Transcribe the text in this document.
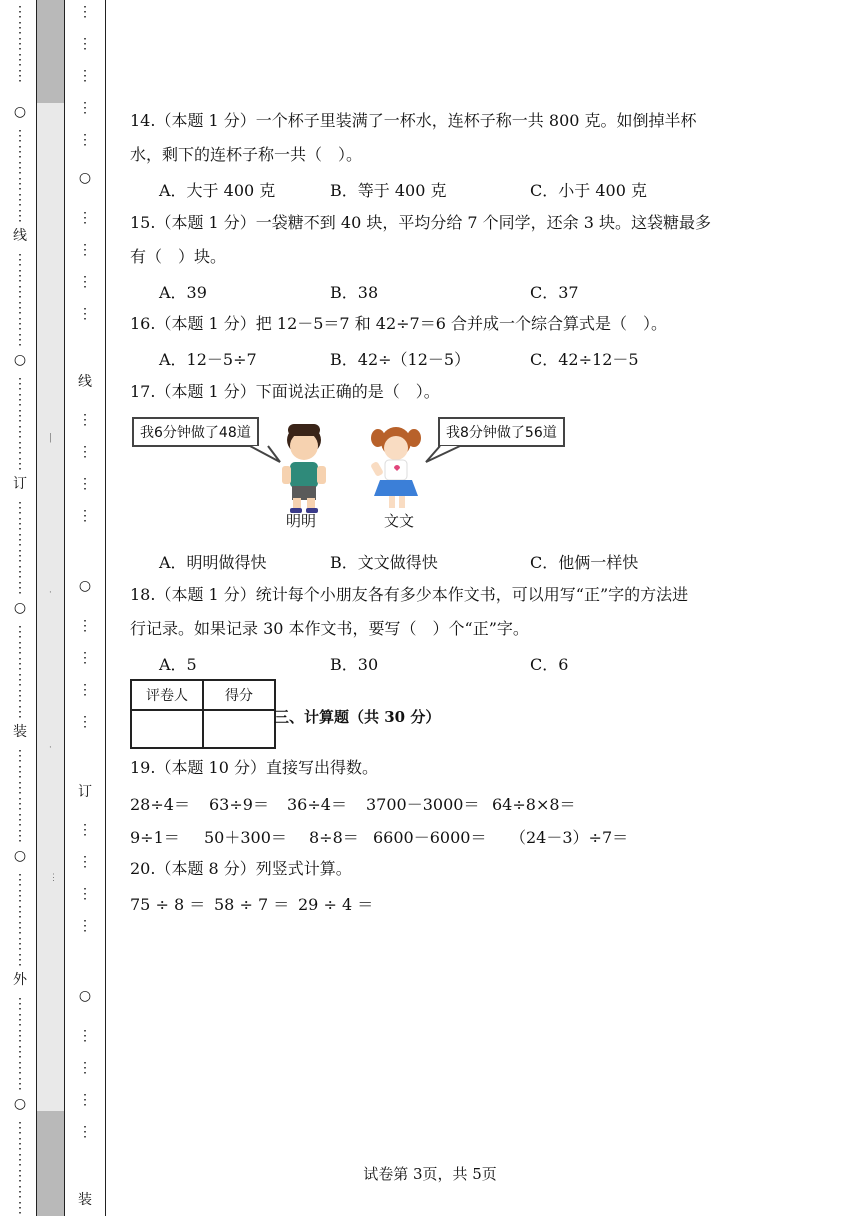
⋮
⋮
⋮
⋮
⋮
○
⋮
⋮
⋮
⋮
⋮
⋮
线
⋮
⋮
⋮
⋮
⋮
⋮
○
⋮
⋮
⋮
⋮
⋮
⋮
订
⋮
⋮
⋮
⋮
⋮
⋮
○
⋮
⋮
⋮
⋮
⋮
⋮
装
⋮
⋮
⋮
⋮
⋮
⋮
○
⋮
⋮
⋮
⋮
⋮
⋮
外
⋮
⋮
⋮
⋮
⋮
⋮
○
⋮
⋮
⋮
⋮
⋮
⋮
|
·
·
⋮
⋮

⋮

⋮

⋮

⋮
○
⋮

⋮

⋮

⋮
线
⋮

⋮

⋮

⋮
○
⋮

⋮

⋮

⋮
订
⋮

⋮

⋮

⋮
○
⋮

⋮

⋮

⋮
装
14.（本题 1 分）一个杯子里装满了一杯水，连杯子称一共 800 克。如倒掉半杯
水，剩下的连杯子称一共（　）。
A．大于 400 克	B．等于 400 克	C．小于 400 克
15.（本题 1 分）一袋糖不到 40 块，平均分给 7 个同学，还余 3 块。这袋糖最多
有（　）块。
A．39	B．38	C．37
16.（本题 1 分）把 12－5＝7 和 42÷7＝6 合并成一个综合算式是（　）。
A．12－5÷7	B．42÷（12－5）	C．42÷12－5
17.（本题 1 分）下面说法正确的是（　）。
我6分钟做了48道	我8分钟做了56道
明明	文文
A．明明做得快	B．文文做得快	C．他俩一样快
18.（本题 1 分）统计每个小朋友各有多少本作文书，可以用写“正”字的方法进
行记录。如果记录 30 本作文书，要写（　）个“正”字。
A．5	B．30	C．6
评卷人	得分

三、计算题（共 30 分）
19.（本题 10 分）直接写出得数。
28÷4＝ 63÷9＝ 36÷4＝ 3700－3000＝ 64÷8×8＝
9÷1＝ 50＋300＝ 8÷8＝ 6600－6000＝ （24－3）÷7＝
20.（本题 8 分）列竖式计算。
75 ÷ 8 ＝ 58 ÷ 7 ＝ 29 ÷ 4 ＝
试卷第 3页，共 5页
